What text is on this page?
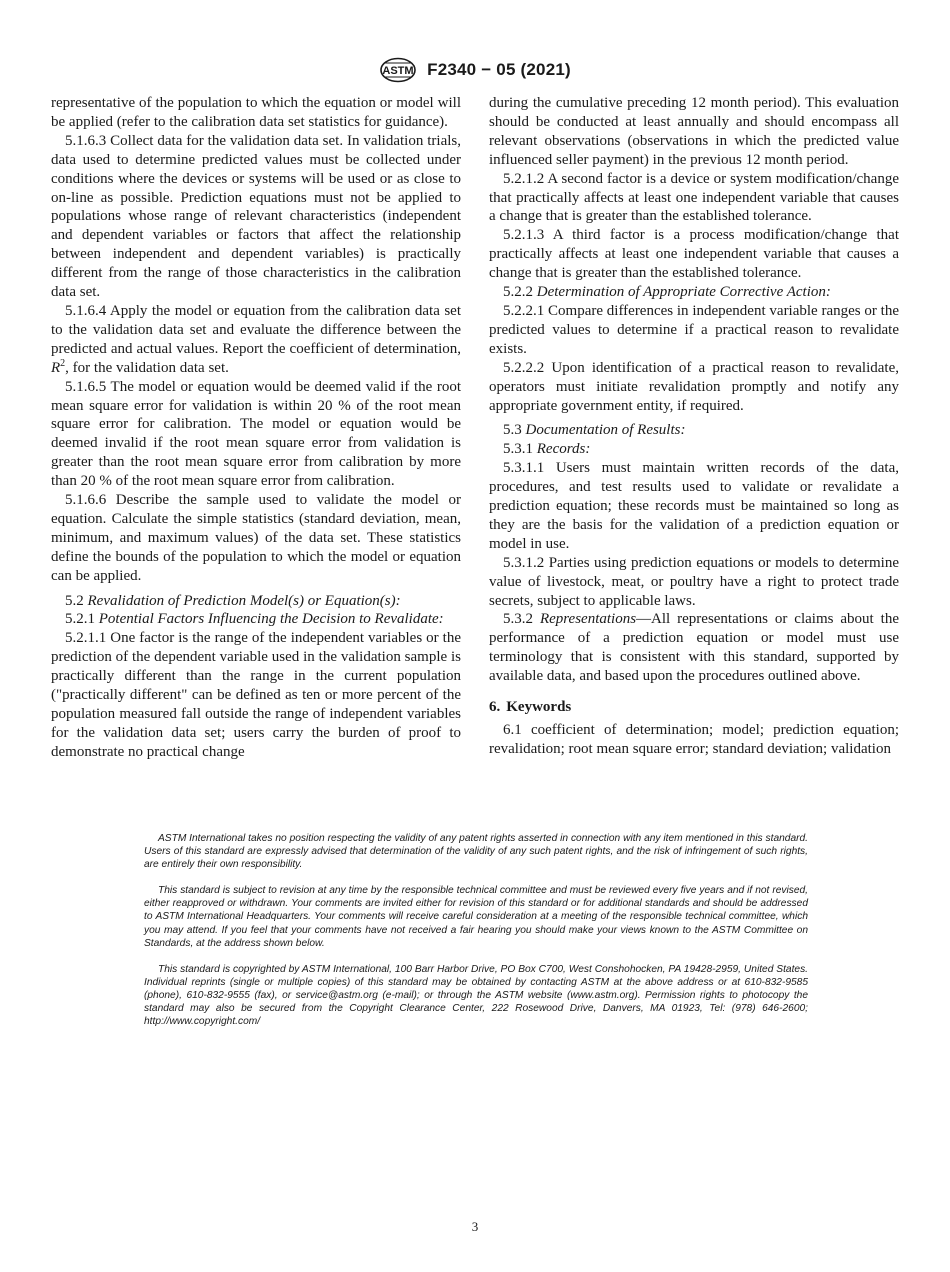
ASTM F2340 − 05 (2021)

representative of the population to which the equation or model will be applied (refer to the calibration data set statistics for guidance).

5.1.6.3 Collect data for the validation data set. In validation trials, data used to determine predicted values must be collected under conditions where the devices or systems will be used or as close to on-line as possible. Prediction equations must not be applied to populations whose range of relevant characteristics (independent and dependent variables or factors that affect the relationship between independent and dependent variables) is practically different from the range of those characteristics in the calibration data set.

5.1.6.4 Apply the model or equation from the calibration data set to the validation data set and evaluate the difference between the predicted and actual values. Report the coefficient of determination, $R^2$, for the validation data set.

5.1.6.5 The model or equation would be deemed valid if the root mean square error for validation is within 20 % of the root mean square error for calibration. The model or equation would be deemed invalid if the root mean square error from validation is greater than the root mean square error from calibration by more than 20 % of the root mean square error from calibration.

5.1.6.6 Describe the sample used to validate the model or equation. Calculate the simple statistics (standard deviation, mean, minimum, and maximum values) of the data set. These statistics define the bounds of the population to which the model or equation can be applied.

5.2 Revalidation of Prediction Model(s) or Equation(s):

5.2.1 Potential Factors Influencing the Decision to Revalidate:

5.2.1.1 One factor is the range of the independent variables or the prediction of the dependent variable used in the validation sample is practically different than the range in the current population ("practically different" can be defined as ten or more percent of the population measured fall outside the range of independent variables for the validation data set; users carry the burden of proof to demonstrate no practical change

during the cumulative preceding 12 month period). This evaluation should be conducted at least annually and should encompass all relevant observations (observations in which the predicted value influenced seller payment) in the previous 12 month period.

5.2.1.2 A second factor is a device or system modification/change that practically affects at least one independent variable that causes a change that is greater than the established tolerance.

5.2.1.3 A third factor is a process modification/change that practically affects at least one independent variable that causes a change that is greater than the established tolerance.

5.2.2 Determination of Appropriate Corrective Action:

5.2.2.1 Compare differences in independent variable ranges or the predicted values to determine if a practical reason to revalidate exists.

5.2.2.2 Upon identification of a practical reason to revalidate, operators must initiate revalidation promptly and notify any appropriate government entity, if required.

5.3 Documentation of Results:

5.3.1 Records:

5.3.1.1 Users must maintain written records of the data, procedures, and test results used to validate or revalidate a prediction equation; these records must be maintained so long as they are the basis for the validation of a prediction equation or model in use.

5.3.1.2 Parties using prediction equations or models to determine value of livestock, meat, or poultry have a right to protect trade secrets, subject to applicable laws.

5.3.2 Representations—All representations or claims about the performance of a prediction equation or model must use terminology that is consistent with this standard, supported by available data, and based upon the procedures outlined above.

6. Keywords

6.1 coefficient of determination; model; prediction equation; revalidation; root mean square error; standard deviation; validation

ASTM International takes no position respecting the validity of any patent rights asserted in connection with any item mentioned in this standard. Users of this standard are expressly advised that determination of the validity of any such patent rights, and the risk of infringement of such rights, are entirely their own responsibility.

This standard is subject to revision at any time by the responsible technical committee and must be reviewed every five years and if not revised, either reapproved or withdrawn. Your comments are invited either for revision of this standard or for additional standards and should be addressed to ASTM International Headquarters. Your comments will receive careful consideration at a meeting of the responsible technical committee, which you may attend. If you feel that your comments have not received a fair hearing you should make your views known to the ASTM Committee on Standards, at the address shown below.

This standard is copyrighted by ASTM International, 100 Barr Harbor Drive, PO Box C700, West Conshohocken, PA 19428-2959, United States. Individual reprints (single or multiple copies) of this standard may be obtained by contacting ASTM at the above address or at 610-832-9585 (phone), 610-832-9555 (fax), or service@astm.org (e-mail); or through the ASTM website (www.astm.org). Permission rights to photocopy the standard may also be secured from the Copyright Clearance Center, 222 Rosewood Drive, Danvers, MA 01923, Tel: (978) 646-2600; http://www.copyright.com/

3
